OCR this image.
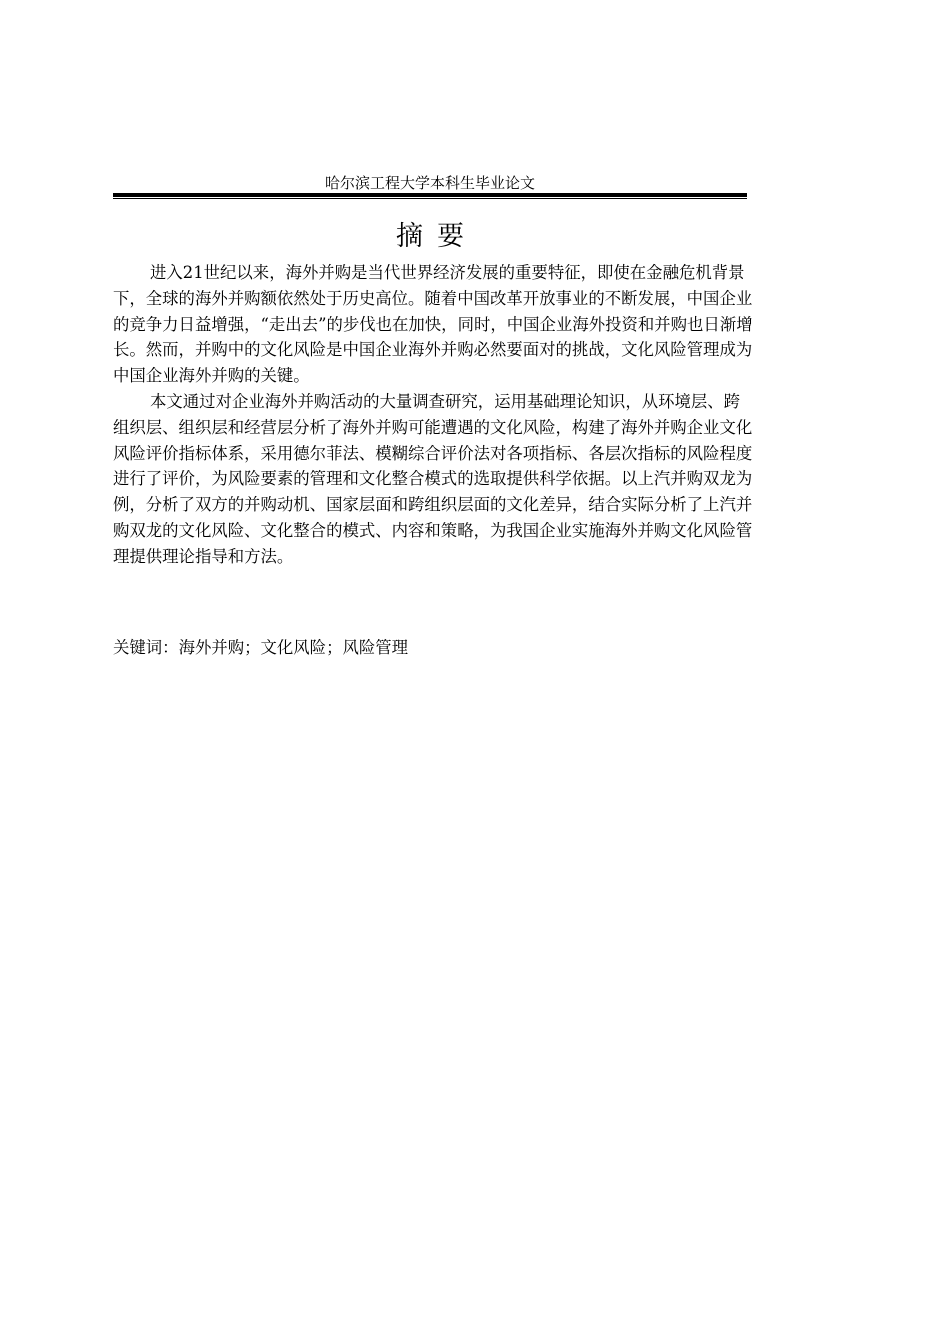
哈尔滨工程大学本科生毕业论文
摘要

进入21世纪以来，海外并购是当代世界经济发展的重要特征，即使在金融危机背景下，全球的海外并购额依然处于历史高位。随着中国改革开放事业的不断发展，中国企业的竞争力日益增强，“走出去”的步伐也在加快，同时，中国企业海外投资和并购也日渐增长。然而，并购中的文化风险是中国企业海外并购必然要面对的挑战，文化风险管理成为中国企业海外并购的关键。

本文通过对企业海外并购活动的大量调查研究，运用基础理论知识，从环境层、跨组织层、组织层和经营层分析了海外并购可能遭遇的文化风险，构建了海外并购企业文化风险评价指标体系，采用德尔菲法、模糊综合评价法对各项指标、各层次指标的风险程度进行了评价，为风险要素的管理和文化整合模式的选取提供科学依据。以上汽并购双龙为例，分析了双方的并购动机、国家层面和跨组织层面的文化差异，结合实际分析了上汽并购双龙的文化风险、文化整合的模式、内容和策略，为我国企业实施海外并购文化风险管理提供理论指导和方法。

关键词：海外并购；文化风险；风险管理
